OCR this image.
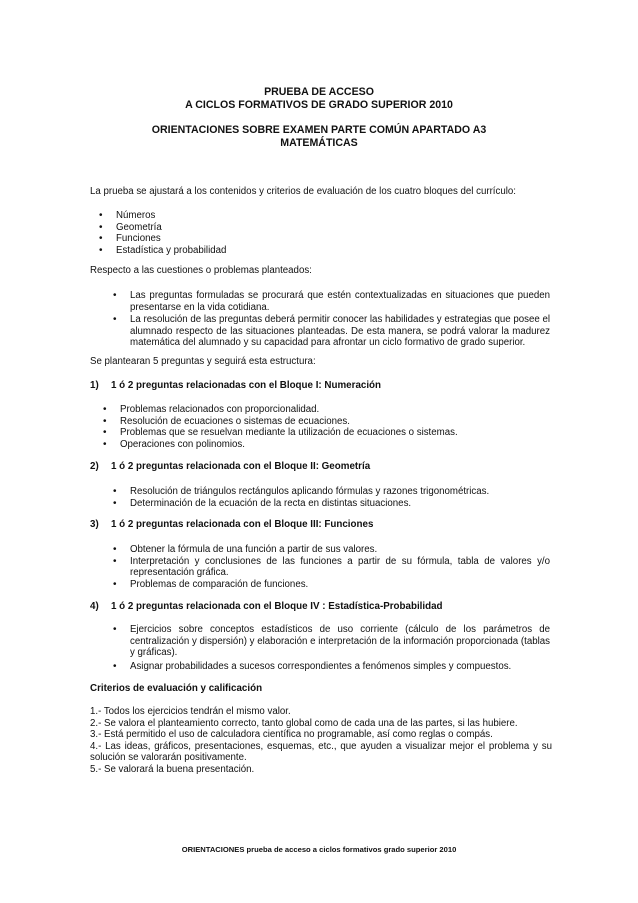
PRUEBA DE ACCESO
A CICLOS FORMATIVOS DE GRADO SUPERIOR 2010
ORIENTACIONES SOBRE EXAMEN PARTE COMÚN APARTADO A3
MATEMÁTICAS
La prueba se ajustará a los contenidos y criterios de evaluación de los cuatro bloques del currículo:
• Números
• Geometría
• Funciones
• Estadística y probabilidad
Respecto a las cuestiones o problemas planteados:
• Las preguntas formuladas se procurará que estén contextualizadas en situaciones que pueden presentarse en la vida cotidiana.
• La resolución de las preguntas deberá permitir conocer las habilidades y estrategias que posee el alumnado respecto de las situaciones planteadas. De esta manera, se podrá valorar la madurez matemática del alumnado y su capacidad para afrontar un ciclo formativo de grado superior.
Se plantearan 5 preguntas y seguirá esta estructura:
1) 1 ó 2 preguntas relacionadas con el Bloque I: Numeración
• Problemas relacionados con proporcionalidad.
• Resolución de ecuaciones o sistemas de ecuaciones.
• Problemas que se resuelvan mediante la utilización de ecuaciones o sistemas.
• Operaciones con polinomios.
2) 1 ó 2 preguntas relacionada con el Bloque II: Geometría
• Resolución de triángulos rectángulos aplicando fórmulas y razones trigonométricas.
• Determinación de la ecuación de la recta en distintas situaciones.
3) 1 ó 2 preguntas relacionada con el Bloque III: Funciones
• Obtener la fórmula de una función a partir de sus valores.
• Interpretación y conclusiones de las funciones a partir de su fórmula, tabla de valores y/o representación gráfica.
• Problemas de comparación de funciones.
4) 1 ó 2 preguntas relacionada con el Bloque IV : Estadística-Probabilidad
• Ejercicios sobre conceptos estadísticos de uso corriente (cálculo de los parámetros de centralización y dispersión) y elaboración e interpretación de la información proporcionada (tablas y gráficas).
• Asignar probabilidades a sucesos correspondientes a fenómenos simples y compuestos.
Criterios de evaluación y calificación
1.- Todos los ejercicios tendrán el mismo valor.
2.- Se valora el planteamiento correcto, tanto global como de cada una de las partes, si las hubiere.
3.- Está permitido el uso de calculadora científica no programable, así como reglas o compás.
4.- Las ideas, gráficos, presentaciones, esquemas, etc., que ayuden a visualizar mejor el problema y su solución se valorarán positivamente.
5.- Se valorará la buena presentación.
ORIENTACIONES prueba de acceso a ciclos formativos grado superior 2010
